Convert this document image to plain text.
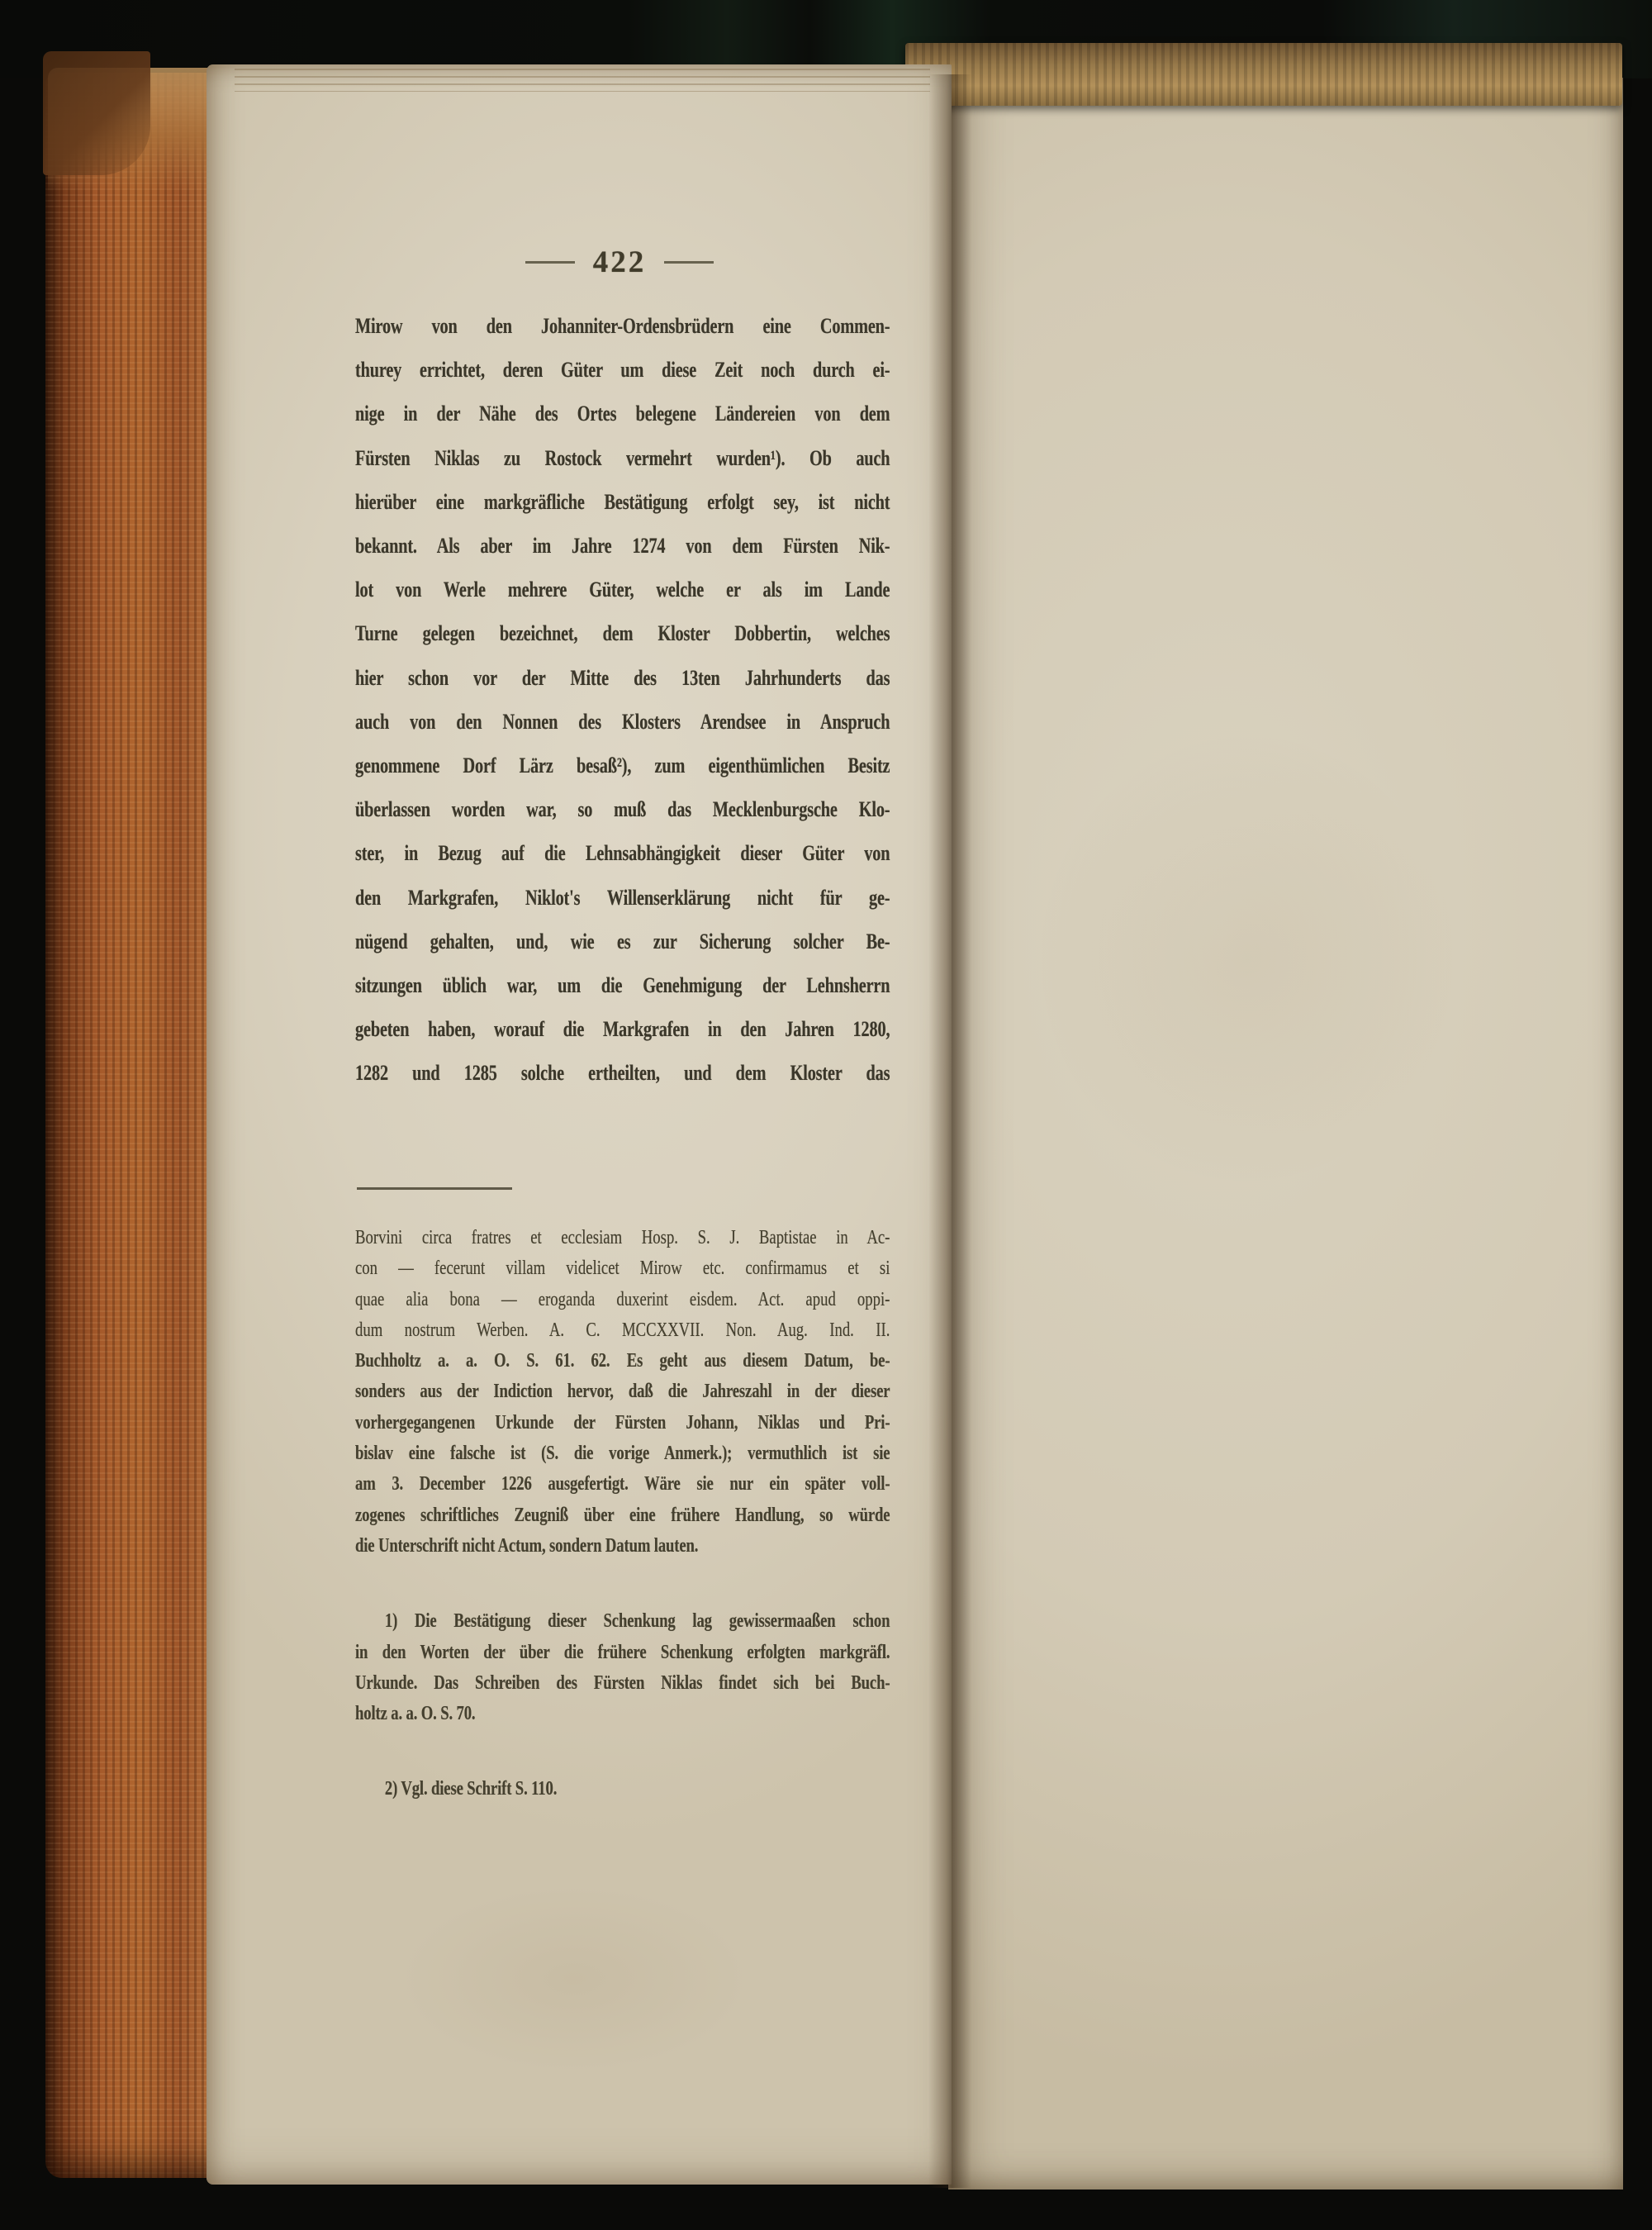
422
Mirow von den Johanniter-Ordensbrüdern eine Commen-
thurey errichtet, deren Güter um diese Zeit noch durch ei-
nige in der Nähe des Ortes belegene Ländereien von dem
Fürsten Niklas zu Rostock vermehrt wurden¹). Ob auch
hierüber eine markgräfliche Bestätigung erfolgt sey, ist nicht
bekannt. Als aber im Jahre 1274 von dem Fürsten Nik-
lot von Werle mehrere Güter, welche er als im Lande
Turne gelegen bezeichnet, dem Kloster Dobbertin, welches
hier schon vor der Mitte des 13ten Jahrhunderts das
auch von den Nonnen des Klosters Arendsee in Anspruch
genommene Dorf Lärz besaß²), zum eigenthümlichen Besitz
überlassen worden war, so muß das Mecklenburgsche Klo-
ster, in Bezug auf die Lehnsabhängigkeit dieser Güter von
den Markgrafen, Niklot's Willenserklärung nicht für ge-
nügend gehalten, und, wie es zur Sicherung solcher Be-
sitzungen üblich war, um die Genehmigung der Lehnsherrn
gebeten haben, worauf die Markgrafen in den Jahren 1280,
1282 und 1285 solche ertheilten, und dem Kloster das
Borvini circa fratres et ecclesiam Hosp. S. J. Baptistae in Ac-
con — fecerunt villam videlicet Mirow etc. confirmamus et si
quae alia bona — eroganda duxerint eisdem. Act. apud oppi-
dum nostrum Werben. A. C. MCCXXVII. Non. Aug. Ind. II.
Buchholtz a. a. O. S. 61. 62. Es geht aus diesem Datum, be-
sonders aus der Indiction hervor, daß die Jahreszahl in der dieser
vorhergegangenen Urkunde der Fürsten Johann, Niklas und Pri-
bislav eine falsche ist (S. die vorige Anmerk.); vermuthlich ist sie
am 3. December 1226 ausgefertigt. Wäre sie nur ein später voll-
zogenes schriftliches Zeugniß über eine frühere Handlung, so würde
die Unterschrift nicht Actum, sondern Datum lauten.
1) Die Bestätigung dieser Schenkung lag gewissermaaßen schon
in den Worten der über die frühere Schenkung erfolgten markgräfl.
Urkunde. Das Schreiben des Fürsten Niklas findet sich bei Buch-
holtz a. a. O. S. 70.
2) Vgl. diese Schrift S. 110.
